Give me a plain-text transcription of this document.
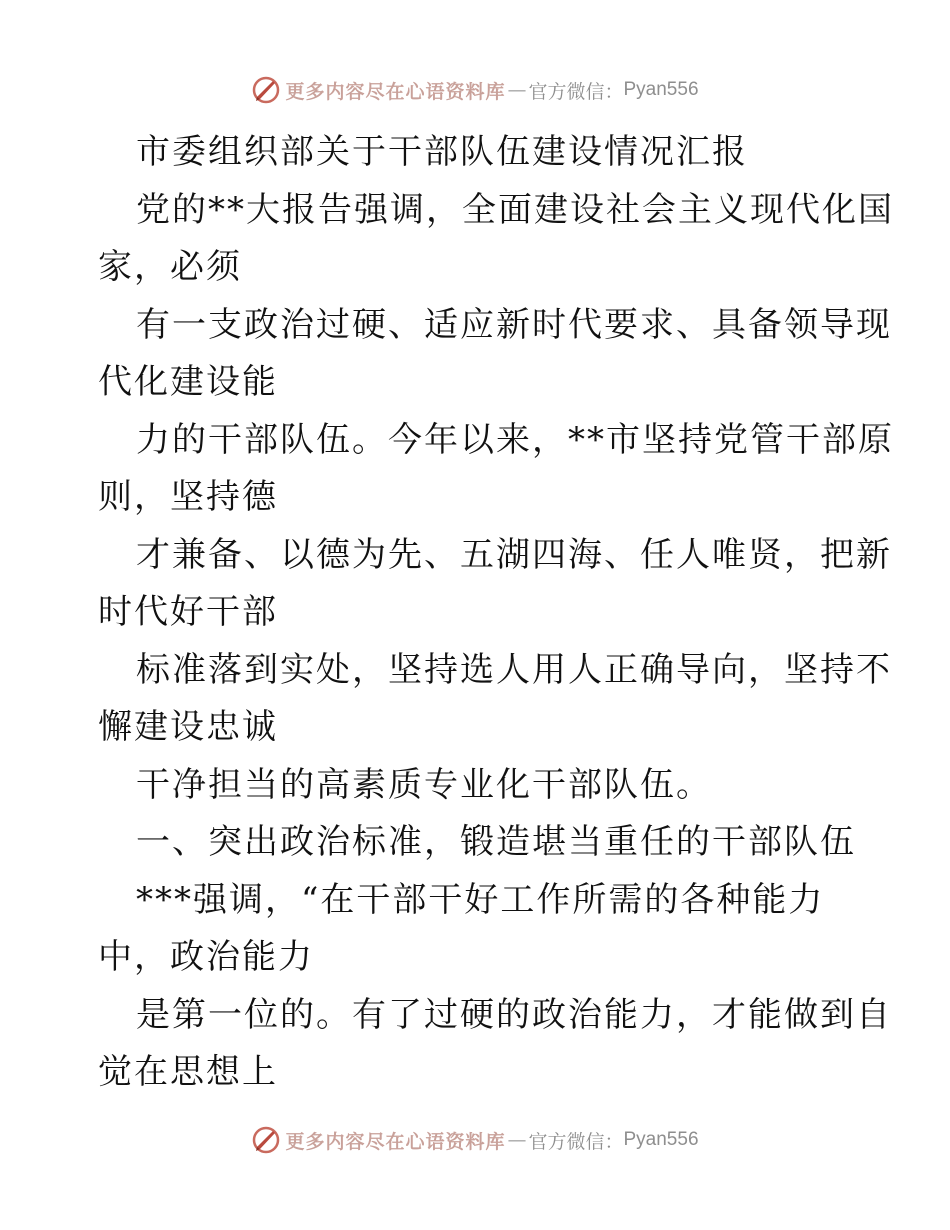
更多内容尽在心语资料库 — 官方微信： Pyan556
市委组织部关于干部队伍建设情况汇报
党的**大报告强调，全面建设社会主义现代化国
家，必须
有一支政治过硬、适应新时代要求、具备领导现
代化建设能
力的干部队伍。今年以来，**市坚持党管干部原
则，坚持德
才兼备、以德为先、五湖四海、任人唯贤，把新
时代好干部
标准落到实处，坚持选人用人正确导向，坚持不
懈建设忠诚
干净担当的高素质专业化干部队伍。
一、突出政治标准，锻造堪当重任的干部队伍
***强调，“在干部干好工作所需的各种能力
中，政治能力
是第一位的。有了过硬的政治能力，才能做到自
觉在思想上
更多内容尽在心语资料库 — 官方微信： Pyan556
